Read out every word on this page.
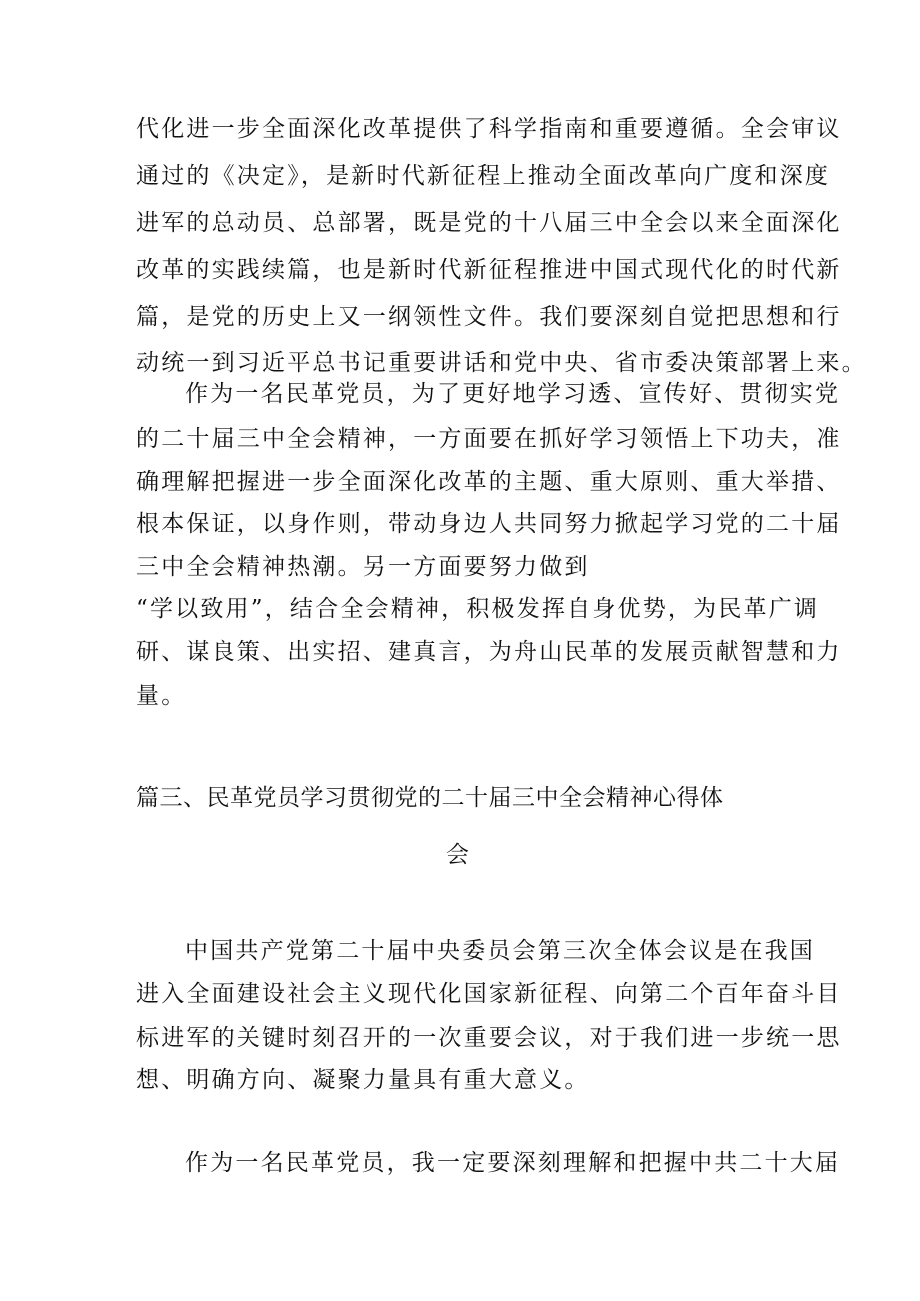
代化进一步全面深化改革提供了科学指南和重要遵循。全会审议
通过的《决定》，是新时代新征程上推动全面改革向广度和深度
进军的总动员、总部署，既是党的十八届三中全会以来全面深化
改革的实践续篇，也是新时代新征程推进中国式现代化的时代新
篇，是党的历史上又一纲领性文件。我们要深刻自觉把思想和行
动统一到习近平总书记重要讲话和党中央、省市委决策部署上来。
作为一名民革党员，为了更好地学习透、宣传好、贯彻实党
的二十届三中全会精神，一方面要在抓好学习领悟上下功夫，准
确理解把握进一步全面深化改革的主题、重大原则、重大举措、
根本保证，以身作则，带动身边人共同努力掀起学习党的二十届
三中全会精神热潮。另一方面要努力做到
“学以致用”，结合全会精神，积极发挥自身优势，为民革广调
研、谋良策、出实招、建真言，为舟山民革的发展贡献智慧和力
量。
篇三、民革党员学习贯彻党的二十届三中全会精神心得体
会
中国共产党第二十届中央委员会第三次全体会议是在我国
进入全面建设社会主义现代化国家新征程、向第二个百年奋斗目
标进军的关键时刻召开的一次重要会议，对于我们进一步统一思
想、明确方向、凝聚力量具有重大意义。
作为一名民革党员，我一定要深刻理解和把握中共二十大届
